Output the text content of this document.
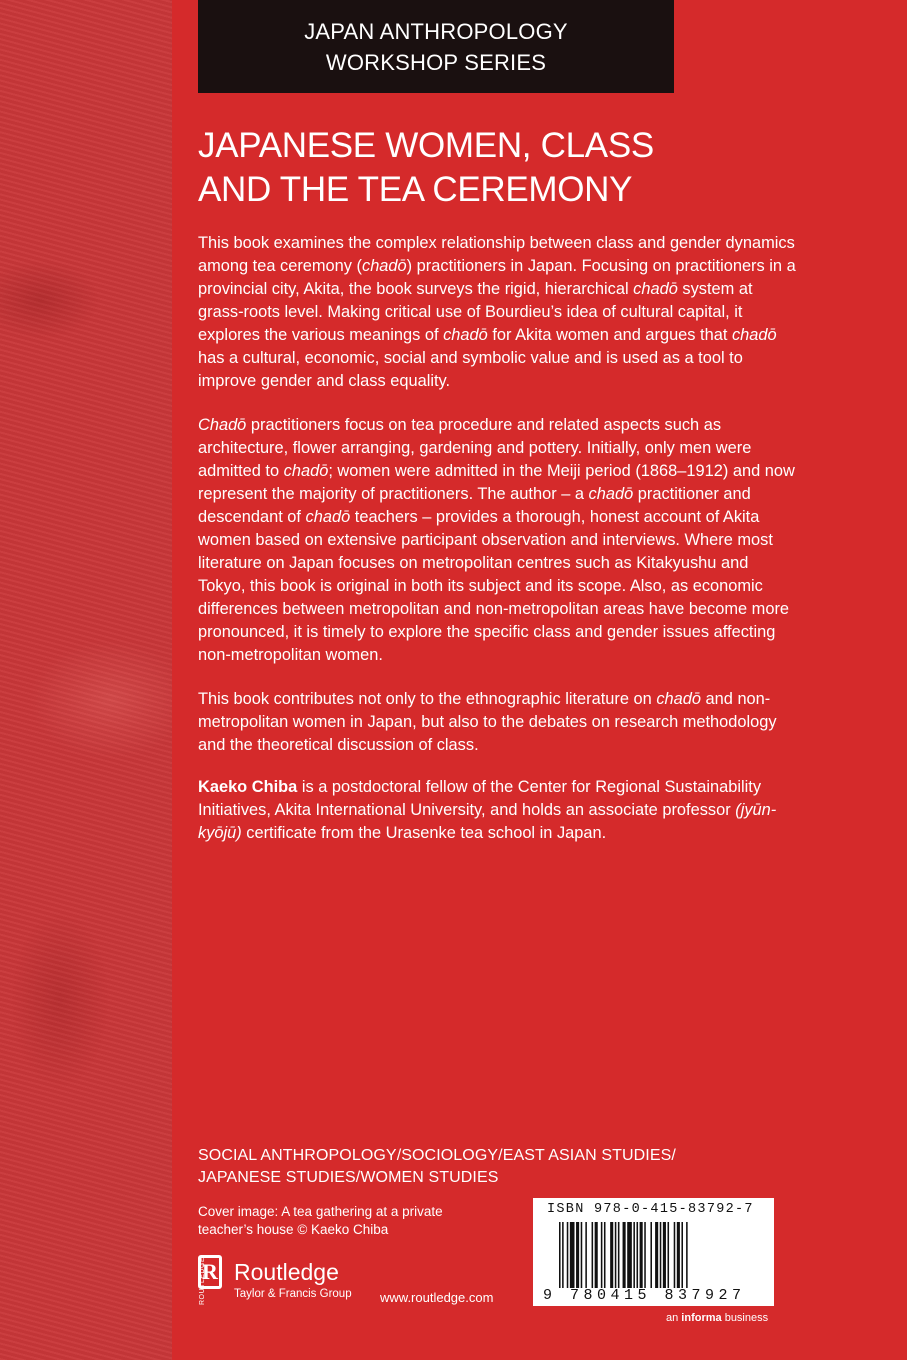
JAPAN ANTHROPOLOGY
WORKSHOP SERIES
JAPANESE WOMEN, CLASS
AND THE TEA CEREMONY

This book examines the complex relationship between class and gender dynamics among tea ceremony (chadō) practitioners in Japan. Focusing on practitioners in a provincial city, Akita, the book surveys the rigid, hierarchical chadō system at grass-roots level. Making critical use of Bourdieu’s idea of cultural capital, it explores the various meanings of chadō for Akita women and argues that chadō has a cultural, economic, social and symbolic value and is used as a tool to improve gender and class equality.

Chadō practitioners focus on tea procedure and related aspects such as architecture, flower arranging, gardening and pottery. Initially, only men were admitted to chadō; women were admitted in the Meiji period (1868–1912) and now represent the majority of practitioners. The author – a chadō practitioner and descendant of chadō teachers – provides a thorough, honest account of Akita women based on extensive participant observation and interviews. Where most literature on Japan focuses on metropolitan centres such as Kitakyushu and Tokyo, this book is original in both its subject and its scope. Also, as economic differences between metropolitan and non-metropolitan areas have become more pronounced, it is timely to explore the specific class and gender issues affecting non-metropolitan women.

This book contributes not only to the ethnographic literature on chadō and non-metropolitan women in Japan, but also to the debates on research methodology and the theoretical discussion of class.

Kaeko Chiba is a postdoctoral fellow of the Center for Regional Sustainability Initiatives, Akita International University, and holds an associate professor (jyūn-kyōjū) certificate from the Urasenke tea school in Japan.

SOCIAL ANTHROPOLOGY/SOCIOLOGY/EAST ASIAN STUDIES/
JAPANESE STUDIES/WOMEN STUDIES
Cover image: A tea gathering at a private
teacher’s house © Kaeko Chiba
R
ROUTLEDGE Routledge
Taylor & Francis Group www.routledge.com
ISBN 978-0-415-83792-7
9 780415 837927
an informa business
